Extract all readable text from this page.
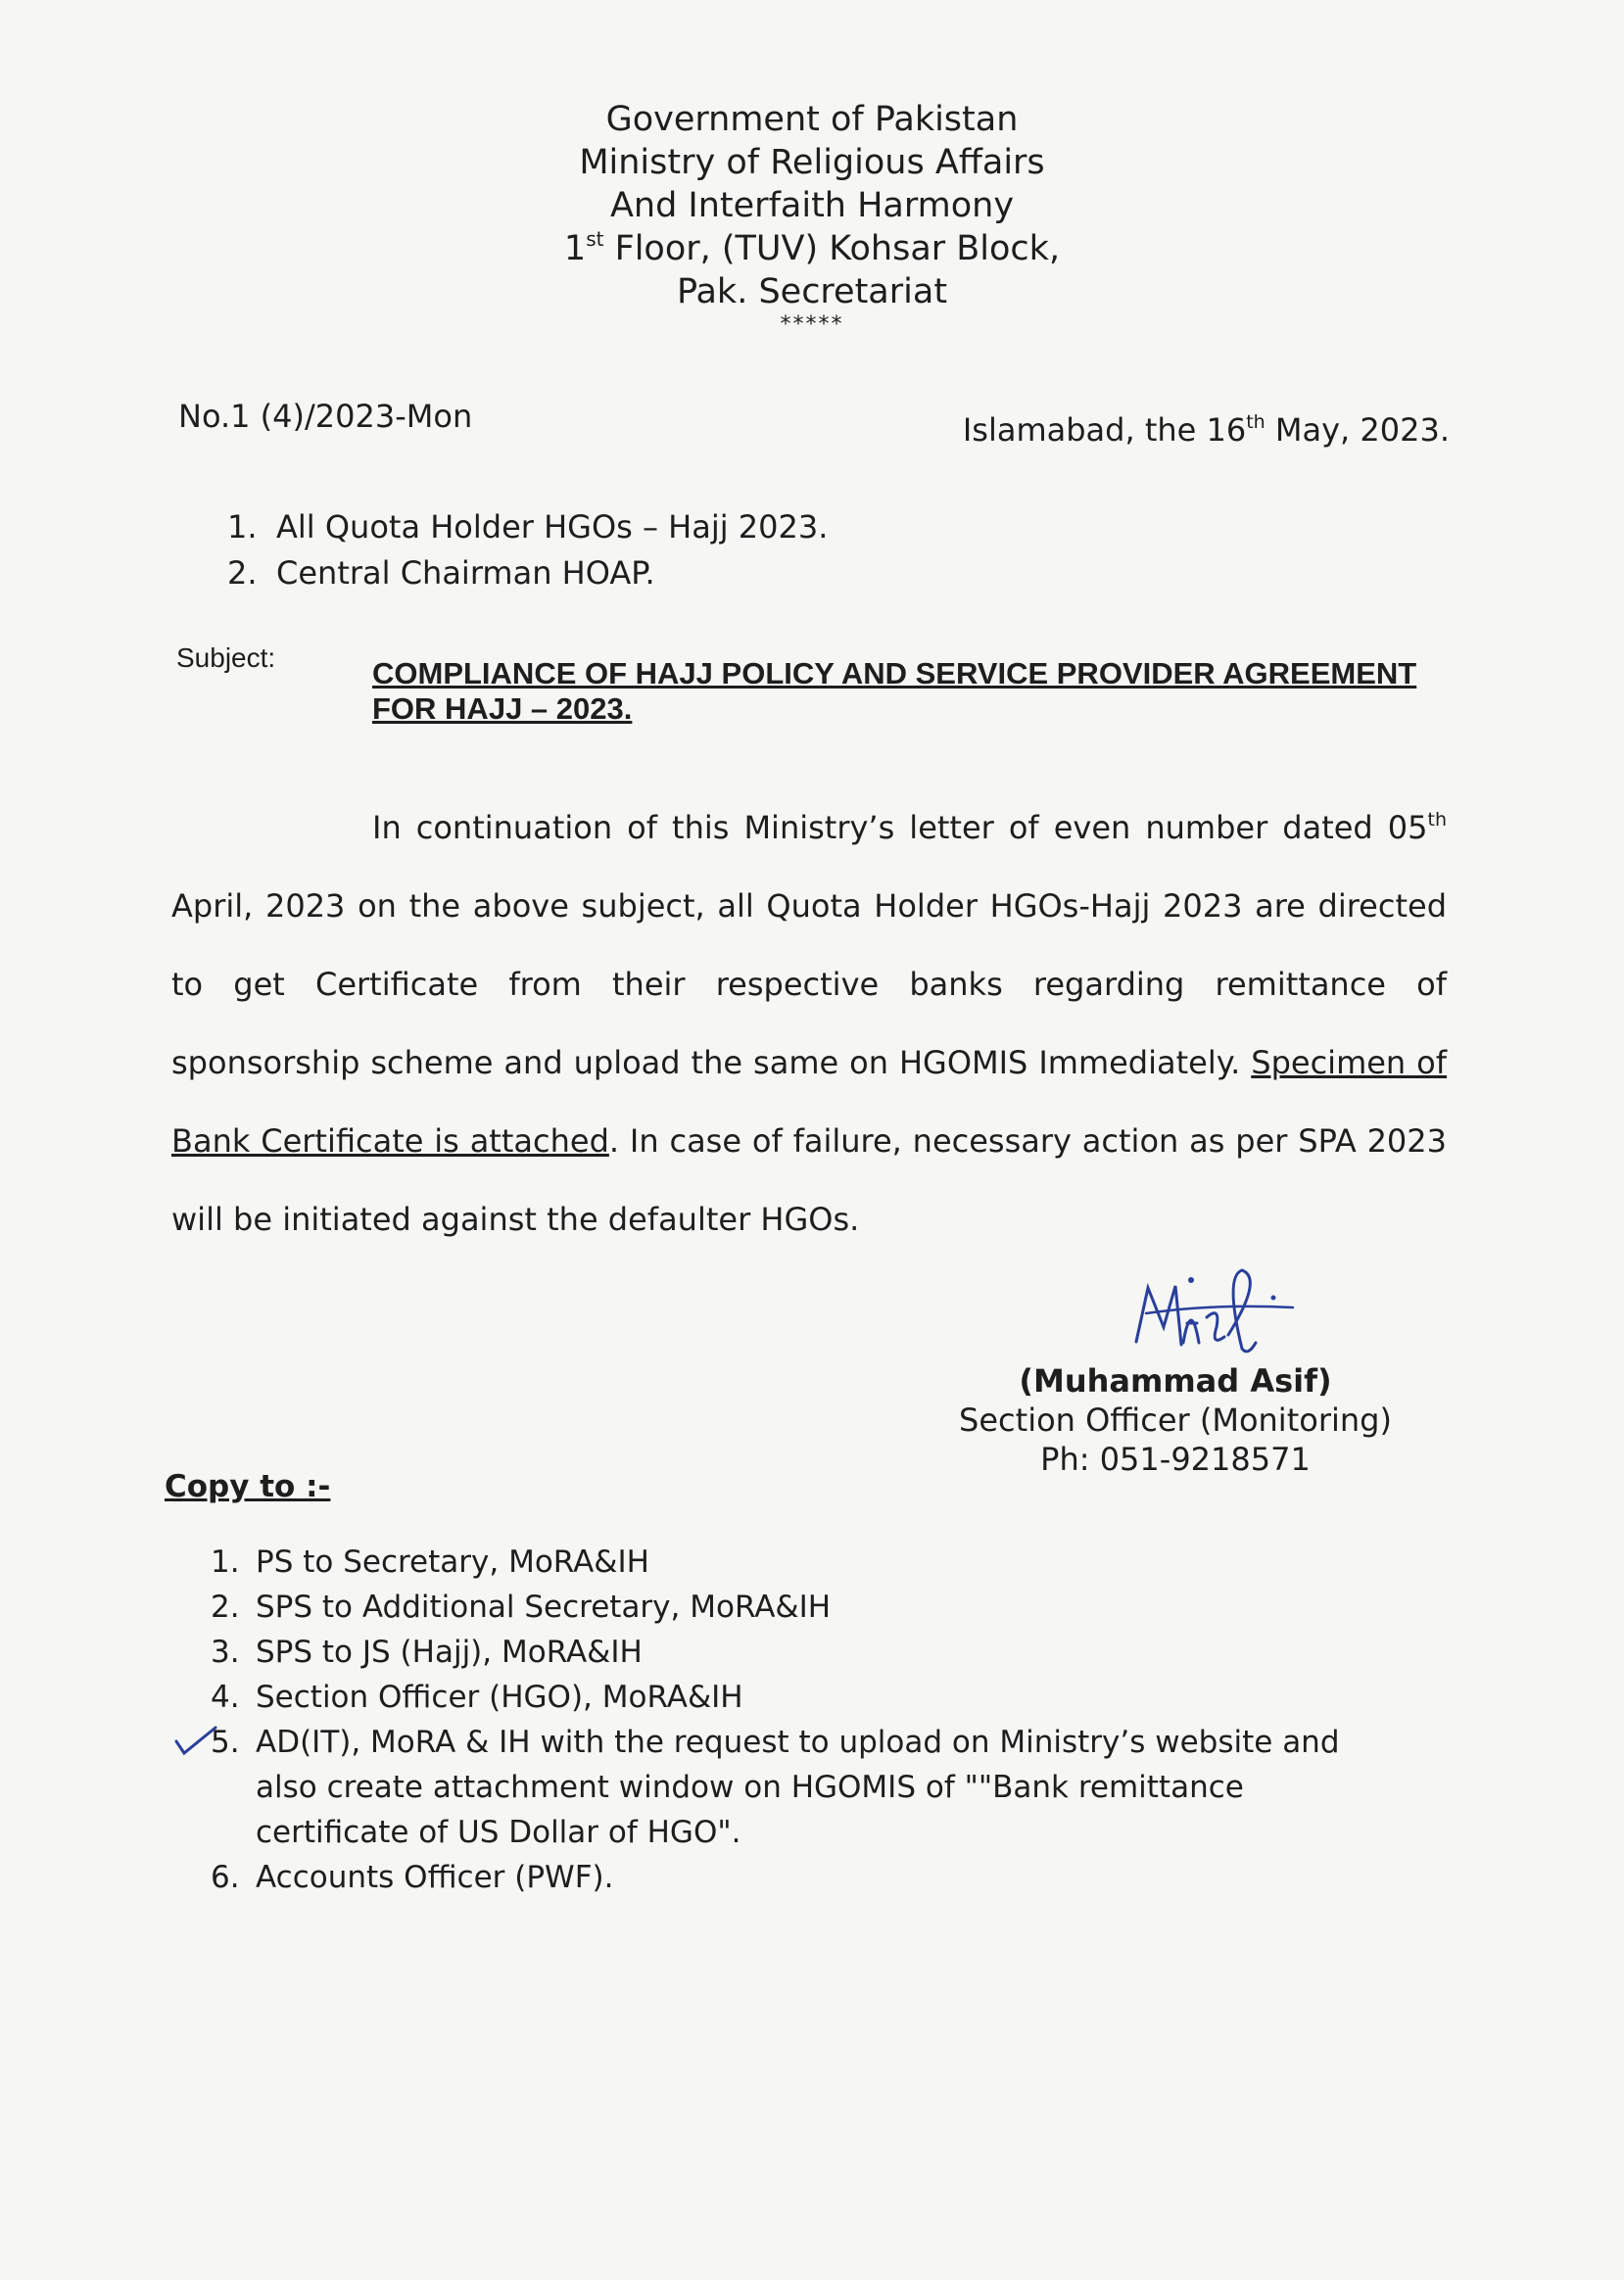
Government of Pakistan
Ministry of Religious Affairs
And Interfaith Harmony
1st Floor, (TUV) Kohsar Block,
Pak. Secretariat
*****
No.1 (4)/2023-Mon	Islamabad, the 16th May, 2023.
1. All Quota Holder HGOs – Hajj 2023.
2. Central Chairman HOAP.
Subject:	COMPLIANCE OF HAJJ POLICY AND SERVICE PROVIDER AGREEMENT FOR HAJJ – 2023.
In continuation of this Ministry’s letter of even number dated 05th April, 2023 on the above subject, all Quota Holder HGOs-Hajj 2023 are directed to get Certificate from their respective banks regarding remittance of sponsorship scheme and upload the same on HGOMIS Immediately. Specimen of Bank Certificate is attached. In case of failure, necessary action as per SPA 2023 will be initiated against the defaulter HGOs.
(Muhammad Asif)
Section Officer (Monitoring)
Ph: 051-9218571
Copy to :-
1. PS to Secretary, MoRA&IH
2. SPS to Additional Secretary, MoRA&IH
3. SPS to JS (Hajj), MoRA&IH
4. Section Officer (HGO), MoRA&IH
5. AD(IT), MoRA & IH with the request to upload on Ministry’s website and also create attachment window on HGOMIS of ""Bank remittance certificate of US Dollar of HGO".
6. Accounts Officer (PWF).
